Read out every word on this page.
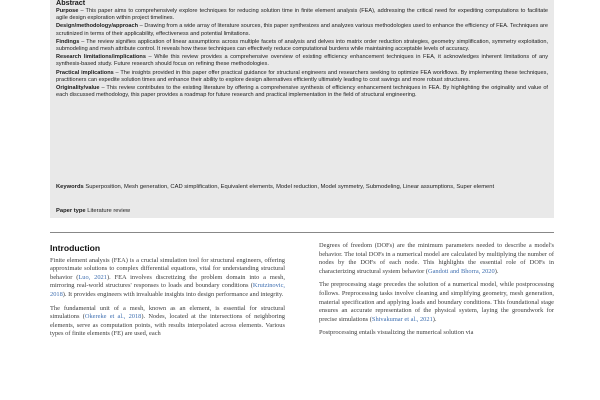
Abstract
Purpose – This paper aims to comprehensively explore techniques for reducing solution time in finite element analysis (FEA), addressing the critical need for expediting computations to facilitate agile design exploration within project timelines.
Design/methodology/approach – Drawing from a wide array of literature sources, this paper synthesizes and analyzes various methodologies used to enhance the efficiency of FEA. Techniques are scrutinized in terms of their applicability, effectiveness and potential limitations.
Findings – The review signifies application of linear assumptions across multiple facets of analysis and delves into matrix order reduction strategies, geometry simplification, symmetry exploitation, submodeling and mesh attribute control. It reveals how these techniques can effectively reduce computational burdens while maintaining acceptable levels of accuracy.
Research limitations/implications – While this review provides a comprehensive overview of existing efficiency enhancement techniques in FEA, it acknowledges inherent limitations of any synthesis-based study. Future research should focus on refining these methodologies.
Practical implications – The insights provided in this paper offer practical guidance for structural engineers and researchers seeking to optimize FEA workflows. By implementing these techniques, practitioners can expedite solution times and enhance their ability to explore design alternatives efficiently ultimately leading to cost savings and more robust structures.
Originality/value – This review contributes to the existing literature by offering a comprehensive synthesis of efficiency enhancement techniques in FEA. By highlighting the originality and value of each discussed methodology, this paper provides a roadmap for future research and practical implementation in the field of structural engineering.
Keywords Superposition, Mesh generation, CAD simplification, Equivalent elements, Model reduction, Model symmetry, Submodeling, Linear assumptions, Super element
Paper type Literature review
Introduction

Finite element analysis (FEA) is a crucial simulation tool for structural engineers, offering approximate solutions to complex differential equations, vital for understanding structural behavior (Luo, 2021). FEA involves discretizing the problem domain into a mesh, mirroring real-world structures' responses to loads and boundary conditions (Krutzinovic, 2018). It provides engineers with invaluable insights into design performance and integrity.

The fundamental unit of a mesh, known as an element, is essential for structural simulations (Okereke et al., 2018). Nodes, located at the intersections of neighboring elements, serve as computation points, with results interpolated across elements. Various types of finite elements (FE) are used, each

Degrees of freedom (DOFs) are the minimum parameters needed to describe a model's behavior. The total DOFs in a numerical model are calculated by multiplying the number of nodes by the DOFs of each node. This highlights the essential role of DOFs in characterizing structural system behavior (Gandoti and Bhorra, 2020).

The preprocessing stage precedes the solution of a numerical model, while postprocessing follows. Preprocessing tasks involve cleaning and simplifying geometry, mesh generation, material specification and applying loads and boundary conditions. This foundational stage ensures an accurate representation of the physical system, laying the groundwork for precise simulations (Shivakumar et al., 2021).

Postprocessing entails visualizing the numerical solution via
